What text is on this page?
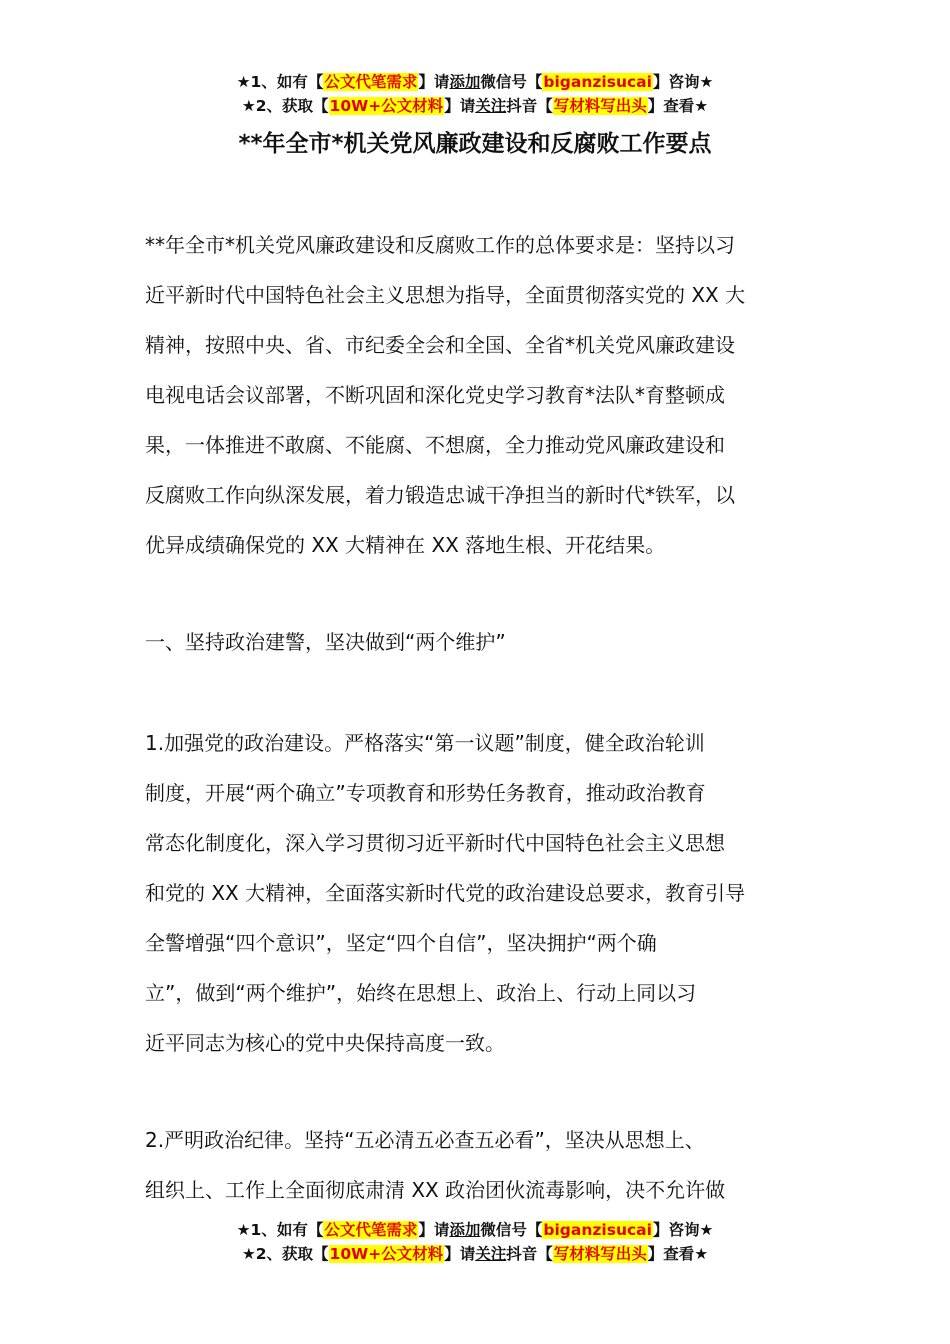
★1、如有【公文代笔需求】请添加微信号【biganzisucai】咨询★
★2、获取【10W+公文材料】请关注抖音【写材料写出头】查看★
**年全市*机关党风廉政建设和反腐败工作要点

**年全市*机关党风廉政建设和反腐败工作的总体要求是：坚持以习

近平新时代中国特色社会主义思想为指导，全面贯彻落实党的 XX 大

精神，按照中央、省、市纪委全会和全国、全省*机关党风廉政建设

电视电话会议部署，不断巩固和深化党史学习教育*法队*育整顿成

果，一体推进不敢腐、不能腐、不想腐，全力推动党风廉政建设和

反腐败工作向纵深发展，着力锻造忠诚干净担当的新时代*铁军，以

优异成绩确保党的 XX 大精神在 XX 落地生根、开花结果。

一、坚持政治建警，坚决做到“两个维护”

1.加强党的政治建设。严格落实“第一议题”制度，健全政治轮训

制度，开展“两个确立”专项教育和形势任务教育，推动政治教育

常态化制度化，深入学习贯彻习近平新时代中国特色社会主义思想

和党的 XX 大精神，全面落实新时代党的政治建设总要求，教育引导

全警增强“四个意识”，坚定“四个自信”，坚决拥护“两个确

立”，做到“两个维护”，始终在思想上、政治上、行动上同以习

近平同志为核心的党中央保持高度一致。

2.严明政治纪律。坚持“五必清五必查五必看”，坚决从思想上、

组织上、工作上全面彻底肃清 XX 政治团伙流毒影响，决不允许做

★1、如有【公文代笔需求】请添加微信号【biganzisucai】咨询★
★2、获取【10W+公文材料】请关注抖音【写材料写出头】查看★
